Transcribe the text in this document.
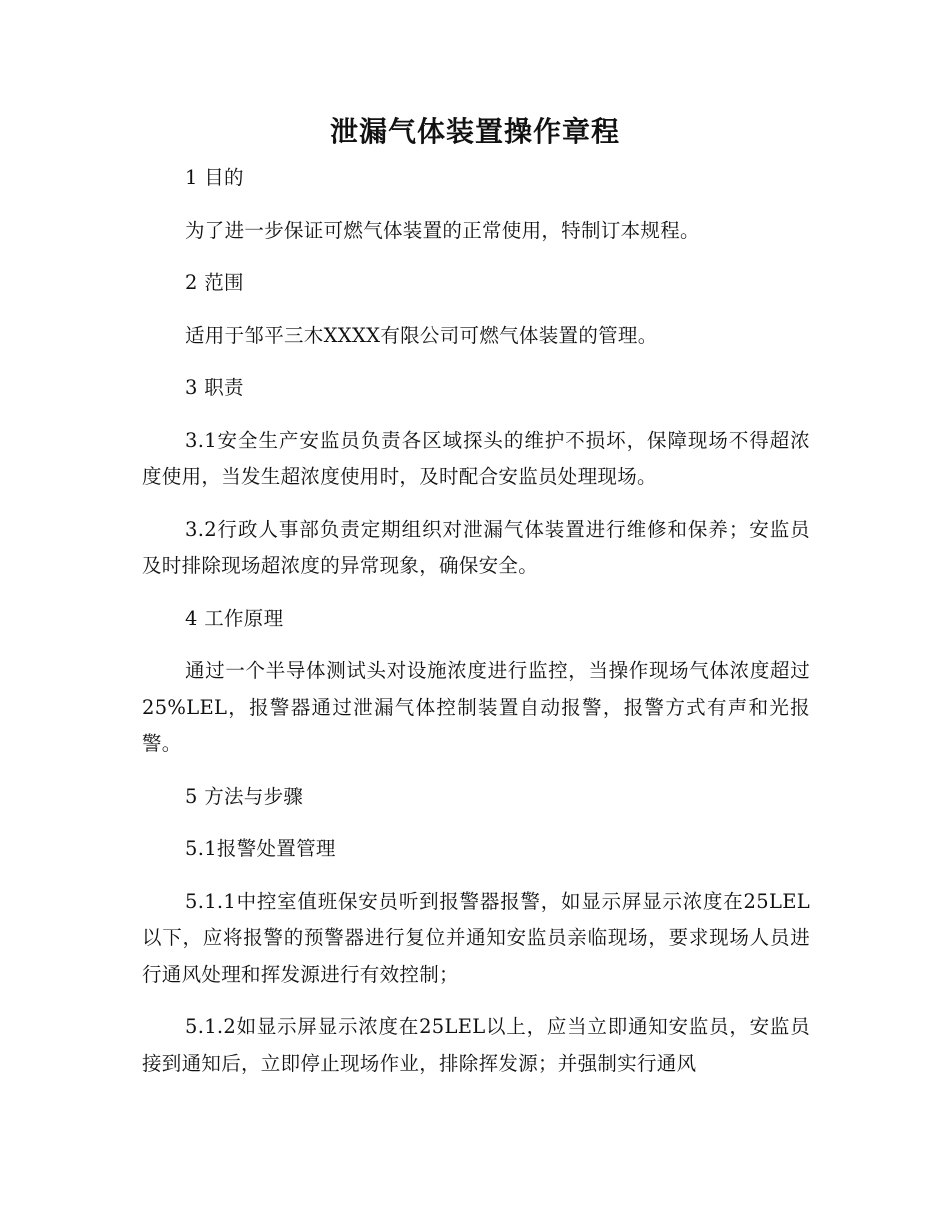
泄漏气体装置操作章程

1 目的

为了进一步保证可燃气体装置的正常使用，特制订本规程。

2 范围

适用于邹平三木XXXX有限公司可燃气体装置的管理。

3 职责

3.1安全生产安监员负责各区域探头的维护不损坏，保障现场不得超浓度使用，当发生超浓度使用时，及时配合安监员处理现场。

3.2行政人事部负责定期组织对泄漏气体装置进行维修和保养；安监员及时排除现场超浓度的异常现象，确保安全。

4 工作原理

通过一个半导体测试头对设施浓度进行监控，当操作现场气体浓度超过25%LEL，报警器通过泄漏气体控制装置自动报警，报警方式有声和光报警。

5 方法与步骤

5.1报警处置管理

5.1.1中控室值班保安员听到报警器报警，如显示屏显示浓度在25LEL以下，应将报警的预警器进行复位并通知安监员亲临现场，要求现场人员进行通风处理和挥发源进行有效控制；

5.1.2如显示屏显示浓度在25LEL以上，应当立即通知安监员，安监员接到通知后，立即停止现场作业，排除挥发源；并强制实行通风
